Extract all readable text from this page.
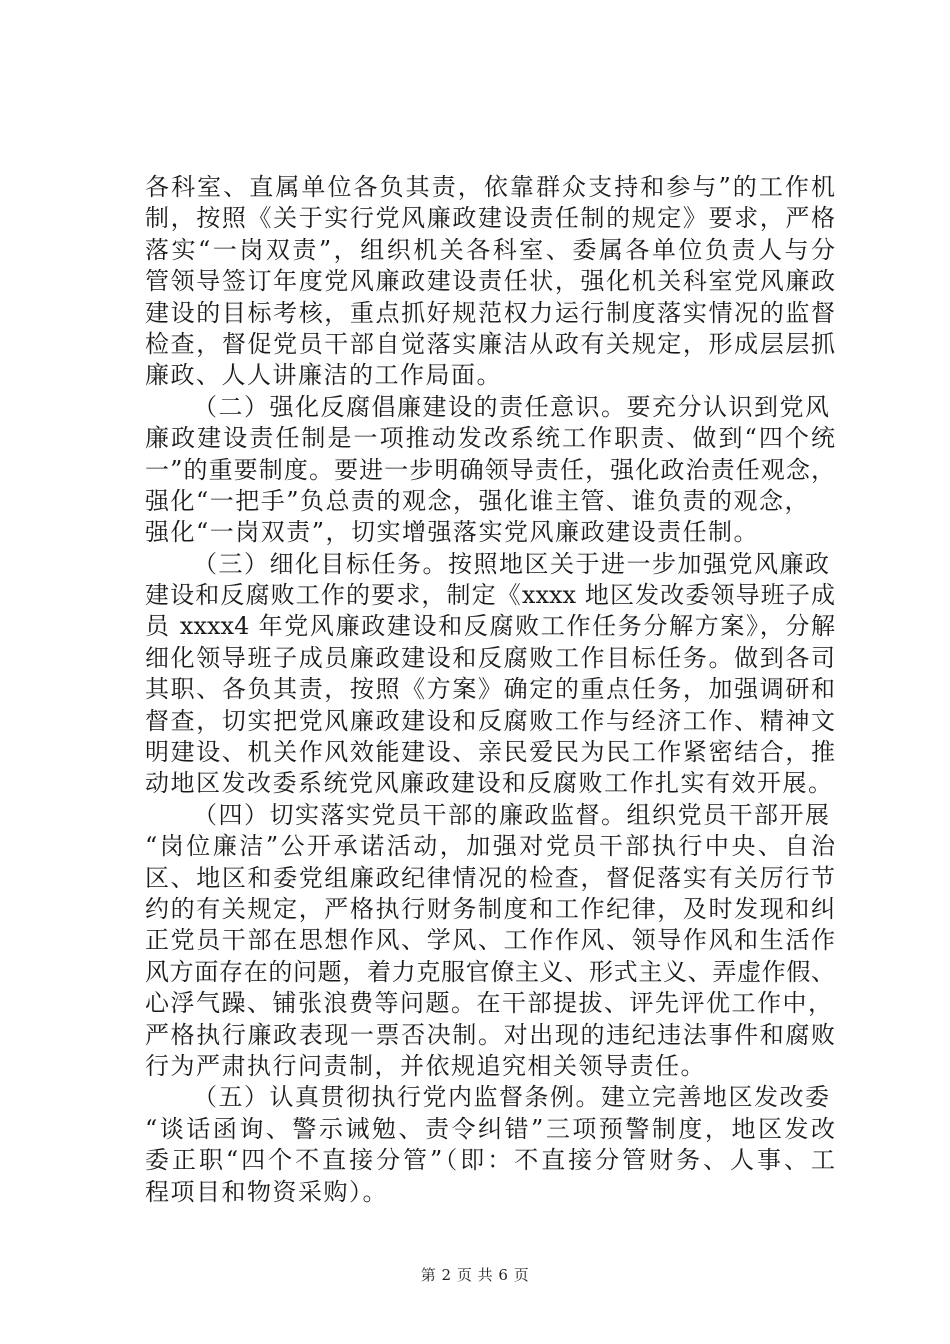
各科室、直属单位各负其责，依靠群众支持和参与”的工作机
制，按照《关于实行党风廉政建设责任制的规定》要求，严格
落实“一岗双责”，组织机关各科室、委属各单位负责人与分
管领导签订年度党风廉政建设责任状，强化机关科室党风廉政
建设的目标考核，重点抓好规范权力运行制度落实情况的监督
检查，督促党员干部自觉落实廉洁从政有关规定，形成层层抓
廉政、人人讲廉洁的工作局面。
（二）强化反腐倡廉建设的责任意识。要充分认识到党风
廉政建设责任制是一项推动发改系统工作职责、做到“四个统
一”的重要制度。要进一步明确领导责任，强化政治责任观念，
强化“一把手”负总责的观念，强化谁主管、谁负责的观念，
强化“一岗双责”，切实增强落实党风廉政建设责任制。
（三）细化目标任务。按照地区关于进一步加强党风廉政
建设和反腐败工作的要求，制定《xxxx 地区发改委领导班子成
员 xxxx4 年党风廉政建设和反腐败工作任务分解方案》，分解
细化领导班子成员廉政建设和反腐败工作目标任务。做到各司
其职、各负其责，按照《方案》确定的重点任务，加强调研和
督查，切实把党风廉政建设和反腐败工作与经济工作、精神文
明建设、机关作风效能建设、亲民爱民为民工作紧密结合，推
动地区发改委系统党风廉政建设和反腐败工作扎实有效开展。
（四）切实落实党员干部的廉政监督。组织党员干部开展
“岗位廉洁”公开承诺活动，加强对党员干部执行中央、自治
区、地区和委党组廉政纪律情况的检查，督促落实有关厉行节
约的有关规定，严格执行财务制度和工作纪律，及时发现和纠
正党员干部在思想作风、学风、工作作风、领导作风和生活作
风方面存在的问题，着力克服官僚主义、形式主义、弄虚作假、
心浮气躁、铺张浪费等问题。在干部提拔、评先评优工作中，
严格执行廉政表现一票否决制。对出现的违纪违法事件和腐败
行为严肃执行问责制，并依规追究相关领导责任。
（五）认真贯彻执行党内监督条例。建立完善地区发改委
“谈话函询、警示诫勉、责令纠错”三项预警制度，地区发改
委正职“四个不直接分管”（即：不直接分管财务、人事、工
程项目和物资采购）。
第 2 页 共 6 页
